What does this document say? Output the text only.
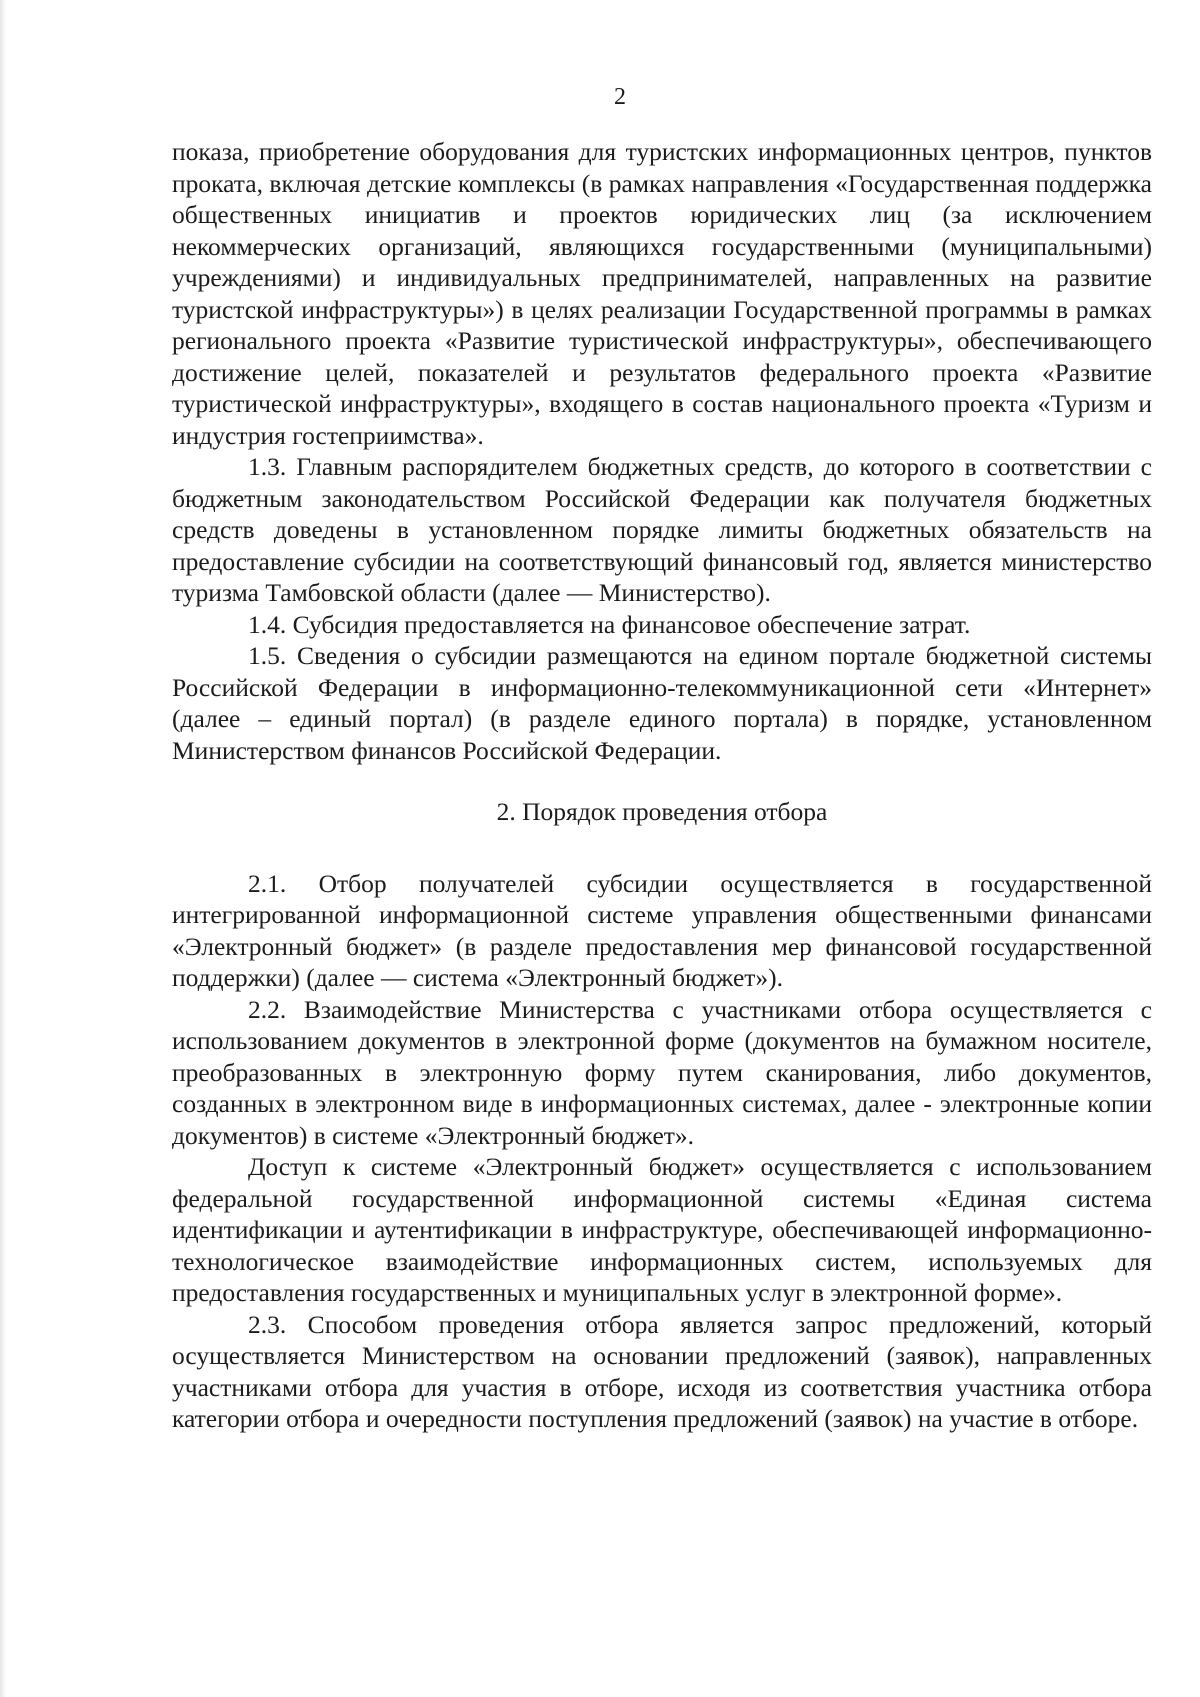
2

показа, приобретение оборудования для туристских информационных центров, пунктов проката, включая детские комплексы (в рамках направления «Государственная поддержка общественных инициатив и проектов юридических лиц (за исключением некоммерческих организаций, являющихся государственными (муниципальными) учреждениями) и индивидуальных предпринимателей, направленных на развитие туристской инфраструктуры») в целях реализации Государственной программы в рамках регионального проекта «Развитие туристической инфраструктуры», обеспечивающего достижение целей, показателей и результатов федерального проекта «Развитие туристической инфраструктуры», входящего в состав национального проекта «Туризм и индустрия гостеприимства».

1.3. Главным распорядителем бюджетных средств, до которого в соответствии с бюджетным законодательством Российской Федерации как получателя бюджетных средств доведены в установленном порядке лимиты бюджетных обязательств на предоставление субсидии на соответствующий финансовый год, является министерство туризма Тамбовской области (далее — Министерство).

1.4. Субсидия предоставляется на финансовое обеспечение затрат.

1.5. Сведения о субсидии размещаются на едином портале бюджетной системы Российской Федерации в информационно-телекоммуникационной сети «Интернет» (далее – единый портал) (в разделе единого портала) в порядке, установленном Министерством финансов Российской Федерации.

2. Порядок проведения отбора

2.1. Отбор получателей субсидии осуществляется в государственной интегрированной информационной системе управления общественными финансами «Электронный бюджет» (в разделе предоставления мер финансовой государственной поддержки) (далее — система «Электронный бюджет»).

2.2. Взаимодействие Министерства с участниками отбора осуществляется с использованием документов в электронной форме (документов на бумажном носителе, преобразованных в электронную форму путем сканирования, либо документов, созданных в электронном виде в информационных системах, далее - электронные копии документов) в системе «Электронный бюджет».

Доступ к системе «Электронный бюджет» осуществляется с использованием федеральной государственной информационной системы «Единая система идентификации и аутентификации в инфраструктуре, обеспечивающей информационно-технологическое взаимодействие информационных систем, используемых для предоставления государственных и муниципальных услуг в электронной форме».

2.3. Способом проведения отбора является запрос предложений, который осуществляется Министерством на основании предложений (заявок), направленных участниками отбора для участия в отборе, исходя из соответствия участника отбора категории отбора и очередности поступления предложений (заявок) на участие в отборе.
